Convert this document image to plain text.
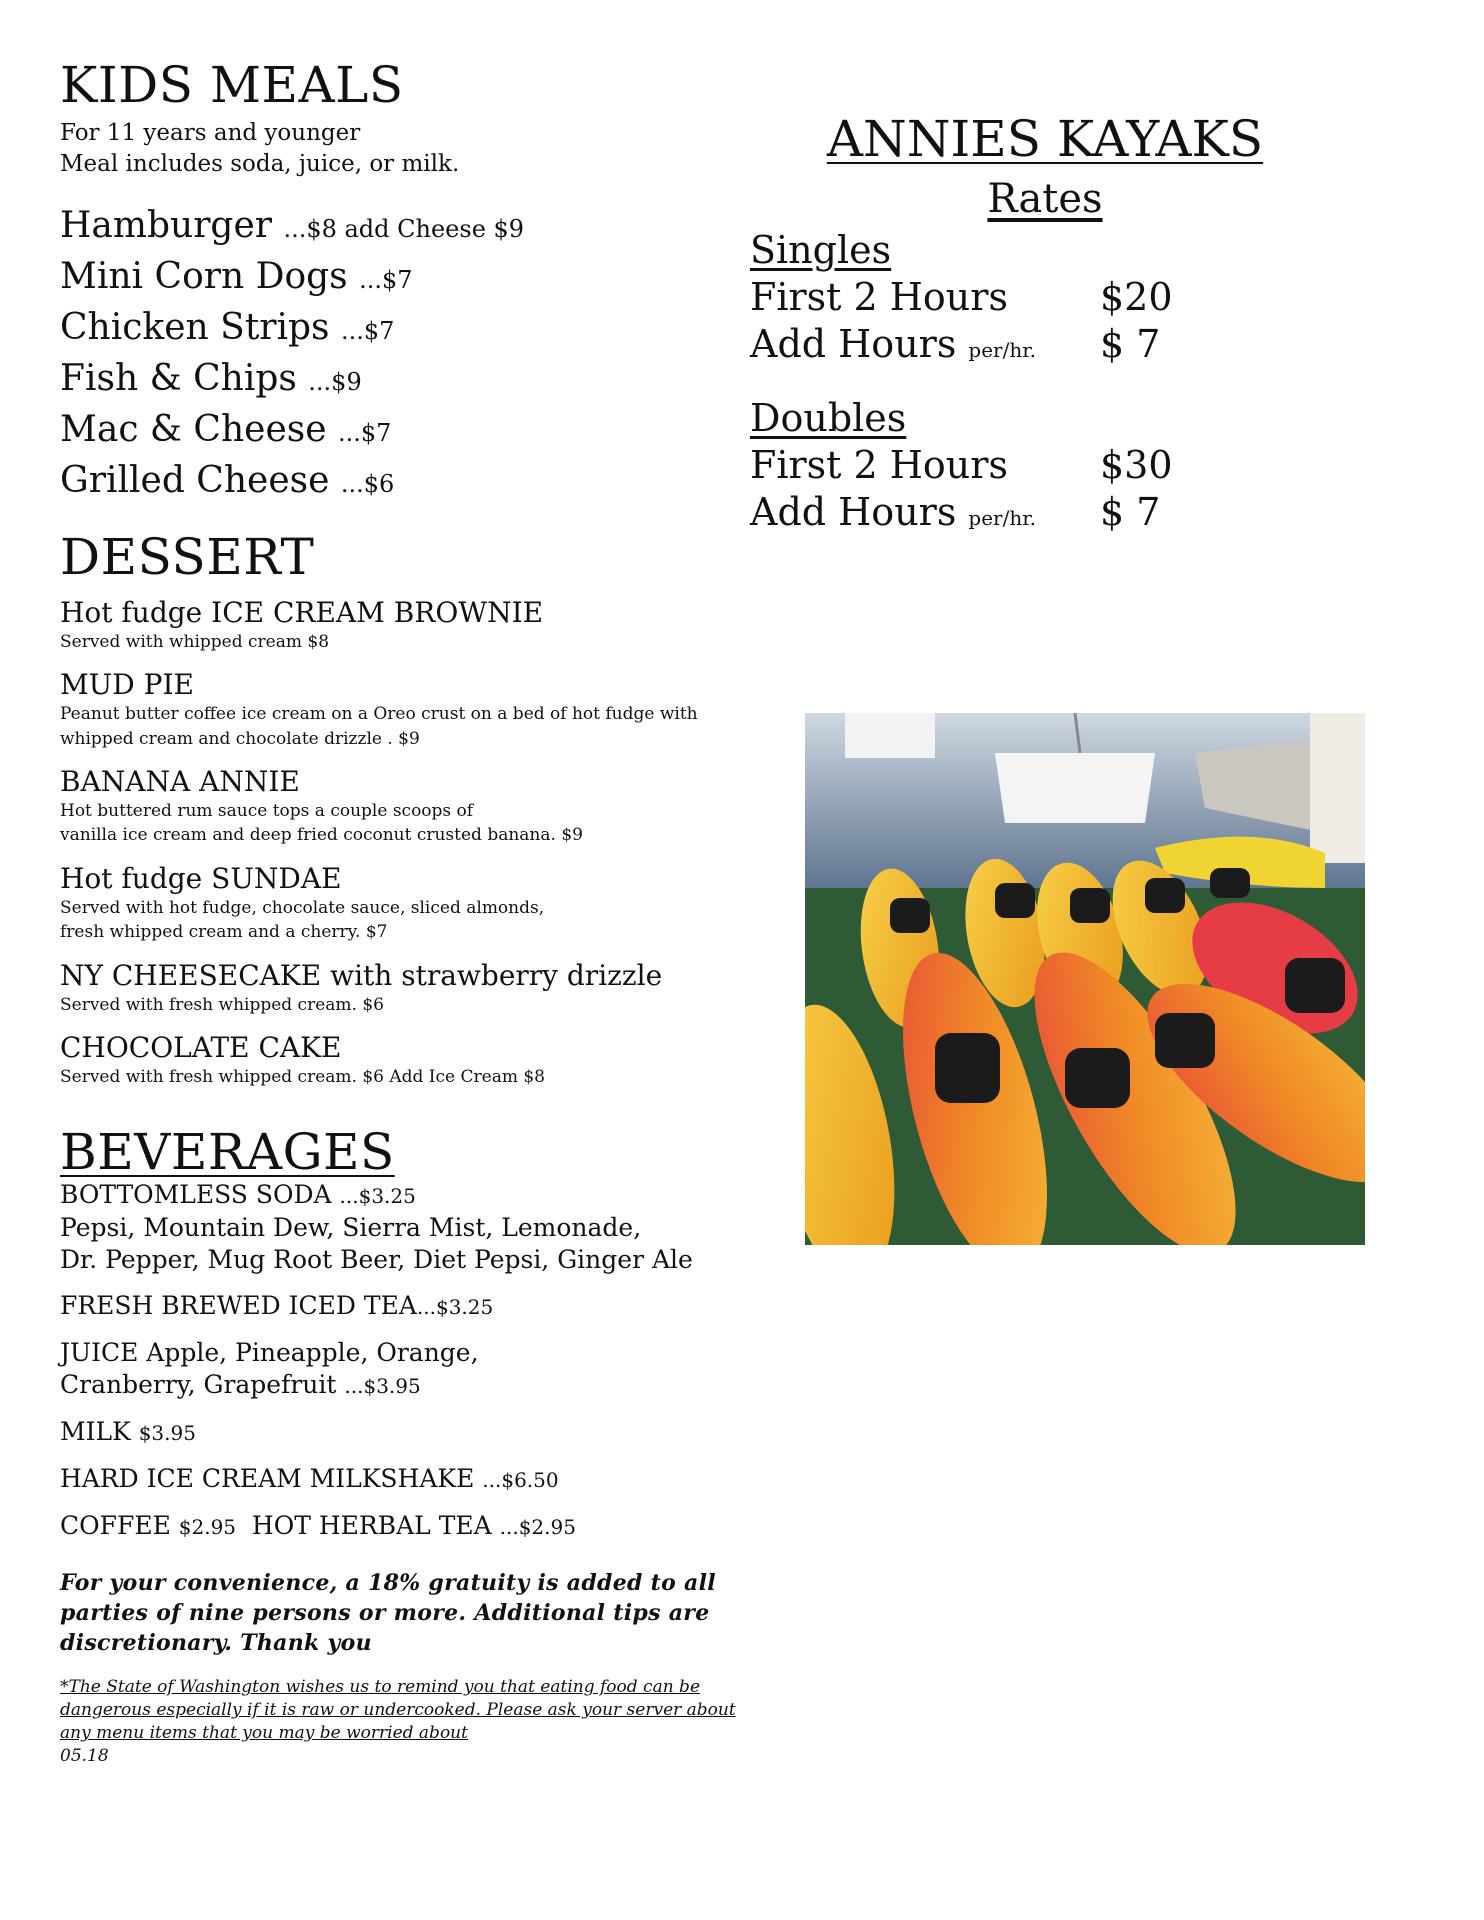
KIDS MEALS

For 11 years and younger

Meal includes soda, juice, or milk.

Hamburger ...$8 add Cheese $9
Mini Corn Dogs ...$7
Chicken Strips ...$7
Fish & Chips ...$9
Mac & Cheese ...$7
Grilled Cheese ...$6
DESSERT
Hot fudge ICE CREAM BROWNIE
Served with whipped cream $8
MUD PIE
Peanut butter coffee ice cream on a Oreo crust on a bed of hot fudge with
whipped cream and chocolate drizzle . $9
BANANA ANNIE
Hot buttered rum sauce tops a couple scoops of
vanilla ice cream and deep fried coconut crusted banana. $9
Hot fudge SUNDAE
Served with hot fudge, chocolate sauce, sliced almonds,
fresh whipped cream and a cherry. $7
NY CHEESECAKE with strawberry drizzle
Served with fresh whipped cream. $6
CHOCOLATE CAKE
Served with fresh whipped cream. $6 Add Ice Cream $8
BEVERAGES
BOTTOMLESS SODA ...$3.25
Pepsi, Mountain Dew, Sierra Mist, Lemonade,
Dr. Pepper, Mug Root Beer, Diet Pepsi, Ginger Ale
FRESH BREWED ICED TEA...$3.25
JUICE Apple, Pineapple, Orange,
Cranberry, Grapefruit ...$3.95
MILK $3.95
HARD ICE CREAM MILKSHAKE ...$6.50
COFFEE $2.95  HOT HERBAL TEA ...$2.95
For your convenience, a 18% gratuity is added to all parties of nine persons or more. Additional tips are discretionary. Thank you
*The State of Washington wishes us to remind you that eating food can be dangerous especially if it is raw or undercooked. Please ask your server about any menu items that you may be worried about
05.18
ANNIES KAYAKS
Rates
Singles
First 2 Hours	$20
Add Hours per/hr.	$ 7
Doubles
First 2 Hours	$30
Add Hours per/hr.	$ 7
